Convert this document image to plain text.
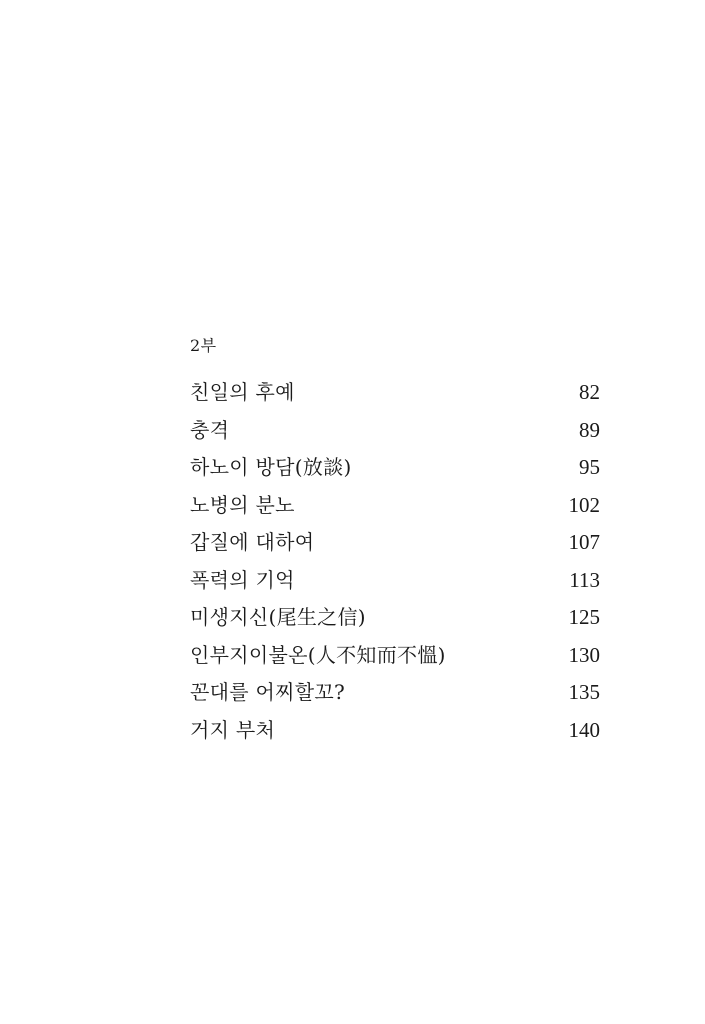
2부
친일의 후예	82
충격	89
하노이 방담(放談)	95
노병의 분노	102
갑질에 대하여	107
폭력의 기억	113
미생지신(尾生之信)	125
인부지이불온(人不知而不慍)	130
꼰대를 어찌할꼬?	135
거지 부처	140
